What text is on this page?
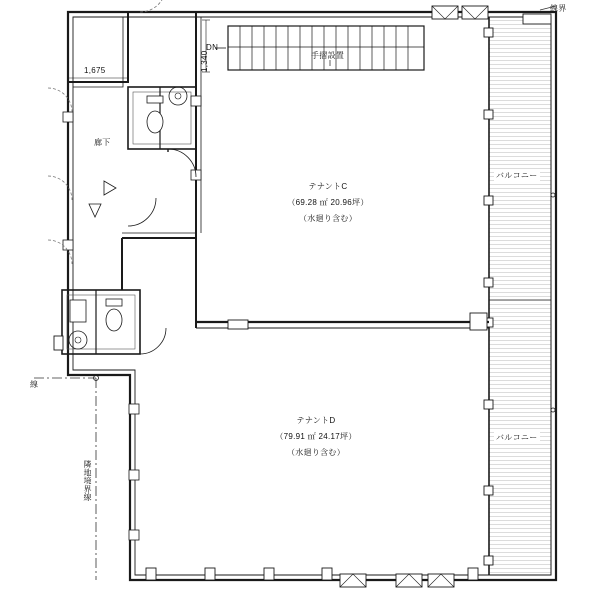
1,675	1,340
DN
手摺設置
廊下
テナントC
（69.28 ㎡ 20.96坪）
（水廻り含む）
テナントD
（79.91 ㎡ 24.17坪）
（水廻り含む）
バルコニー
バルコニー
線界
線
隣地境界線
